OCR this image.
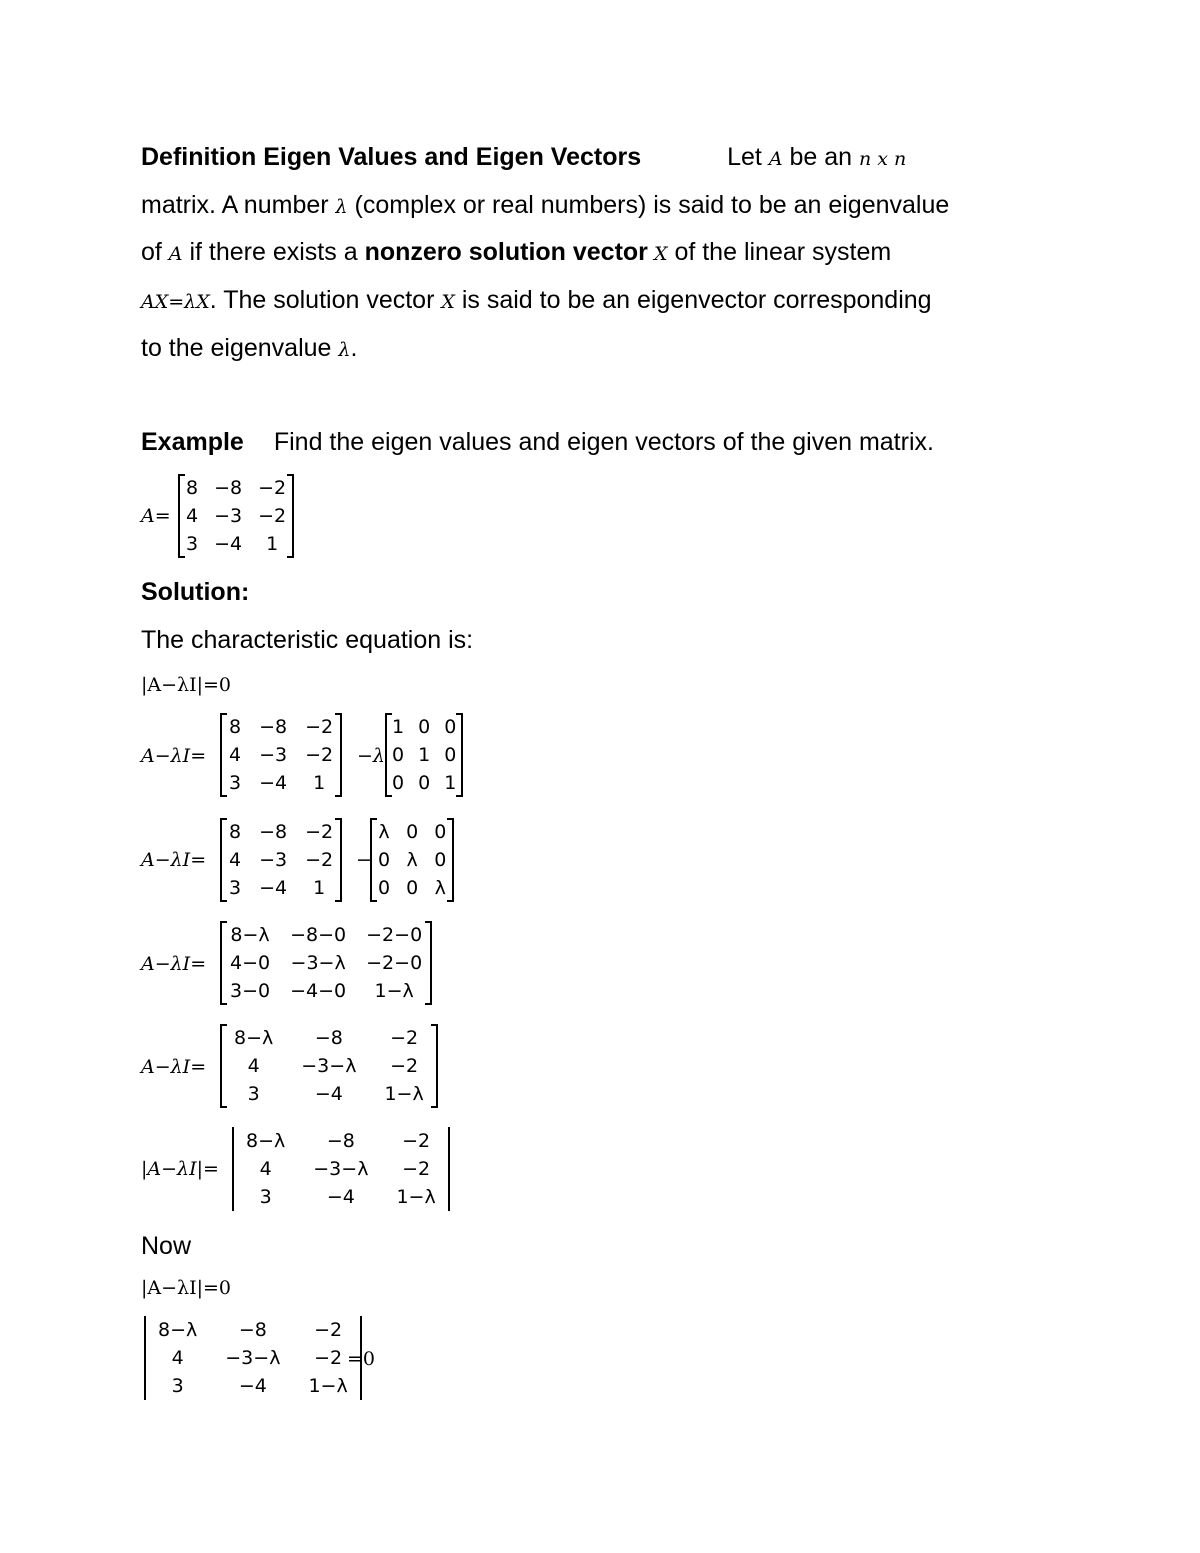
Definition Eigen Values and Eigen Vectors	Let A be an n x n
matrix. A number λ (complex or real numbers) is said to be an eigenvalue
of A if there exists a nonzero solution vector X of the linear system
AX=λX. The solution vector X is said to be an eigenvector corresponding
to the eigenvalue λ.
Example Find the eigen values and eigen vectors of the given matrix.
A=
8	−8	−2
4	−3	−2
3	−4	1
Solution:
The characteristic equation is:
|A−λI|=0
A−λI=
8	−8	−2
4	−3	−2
3	−4	1
−λ
1	0	0
0	1	0
0	0	1
A−λI=
8	−8	−2
4	−3	−2
3	−4	1
−
λ	0	0
0	λ	0
0	0	λ
A−λI=
8−λ	−8−0	−2−0
4−0	−3−λ	−2−0
3−0	−4−0	1−λ
A−λI=
8−λ	−8	−2
4	−3−λ	−2
3	−4	1−λ
|A−λI|=
8−λ	−8	−2
4	−3−λ	−2
3	−4	1−λ
Now
|A−λI|=0
8−λ	−8	−2
4	−3−λ	−2
3	−4	1−λ
=0
